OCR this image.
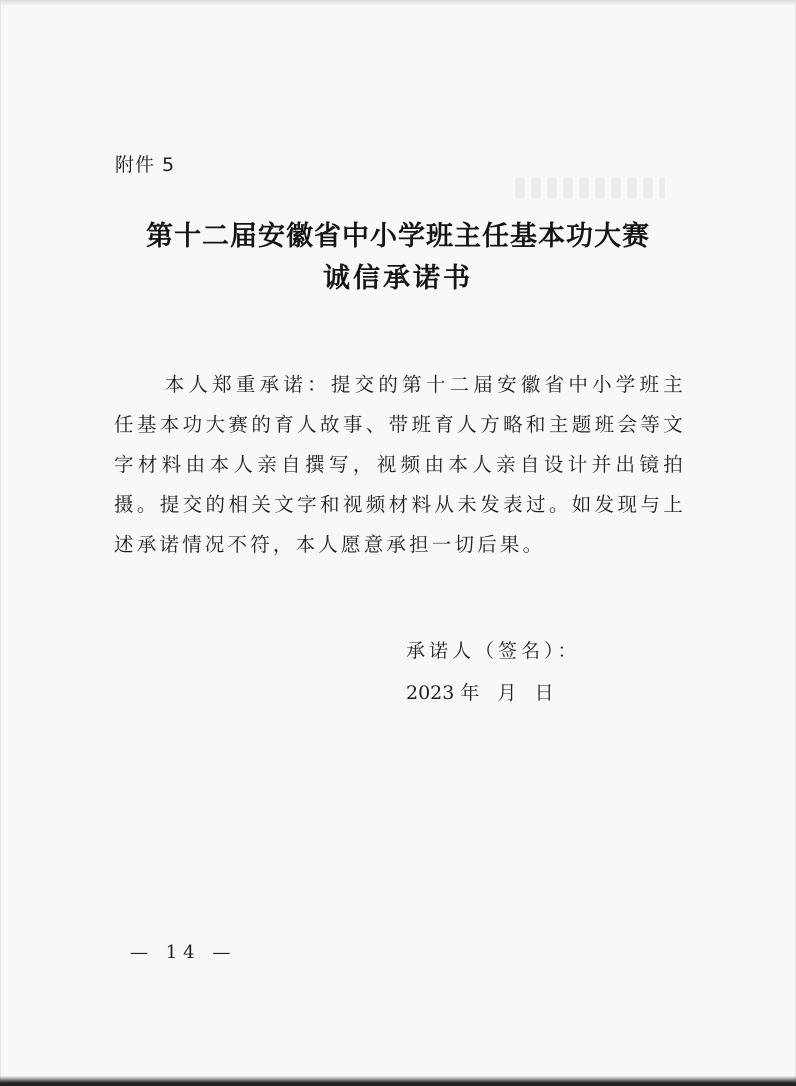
附件 5
第十二届安徽省中小学班主任基本功大赛
诚信承诺书

本人郑重承诺：提交的第十二届安徽省中小学班主任基本功大赛的育人故事、带班育人方略和主题班会等文字材料由本人亲自撰写，视频由本人亲自设计并出镜拍摄。提交的相关文字和视频材料从未发表过。如发现与上述承诺情况不符，本人愿意承担一切后果。

承诺人（签名）：
2023 年   月   日
— 14 —
